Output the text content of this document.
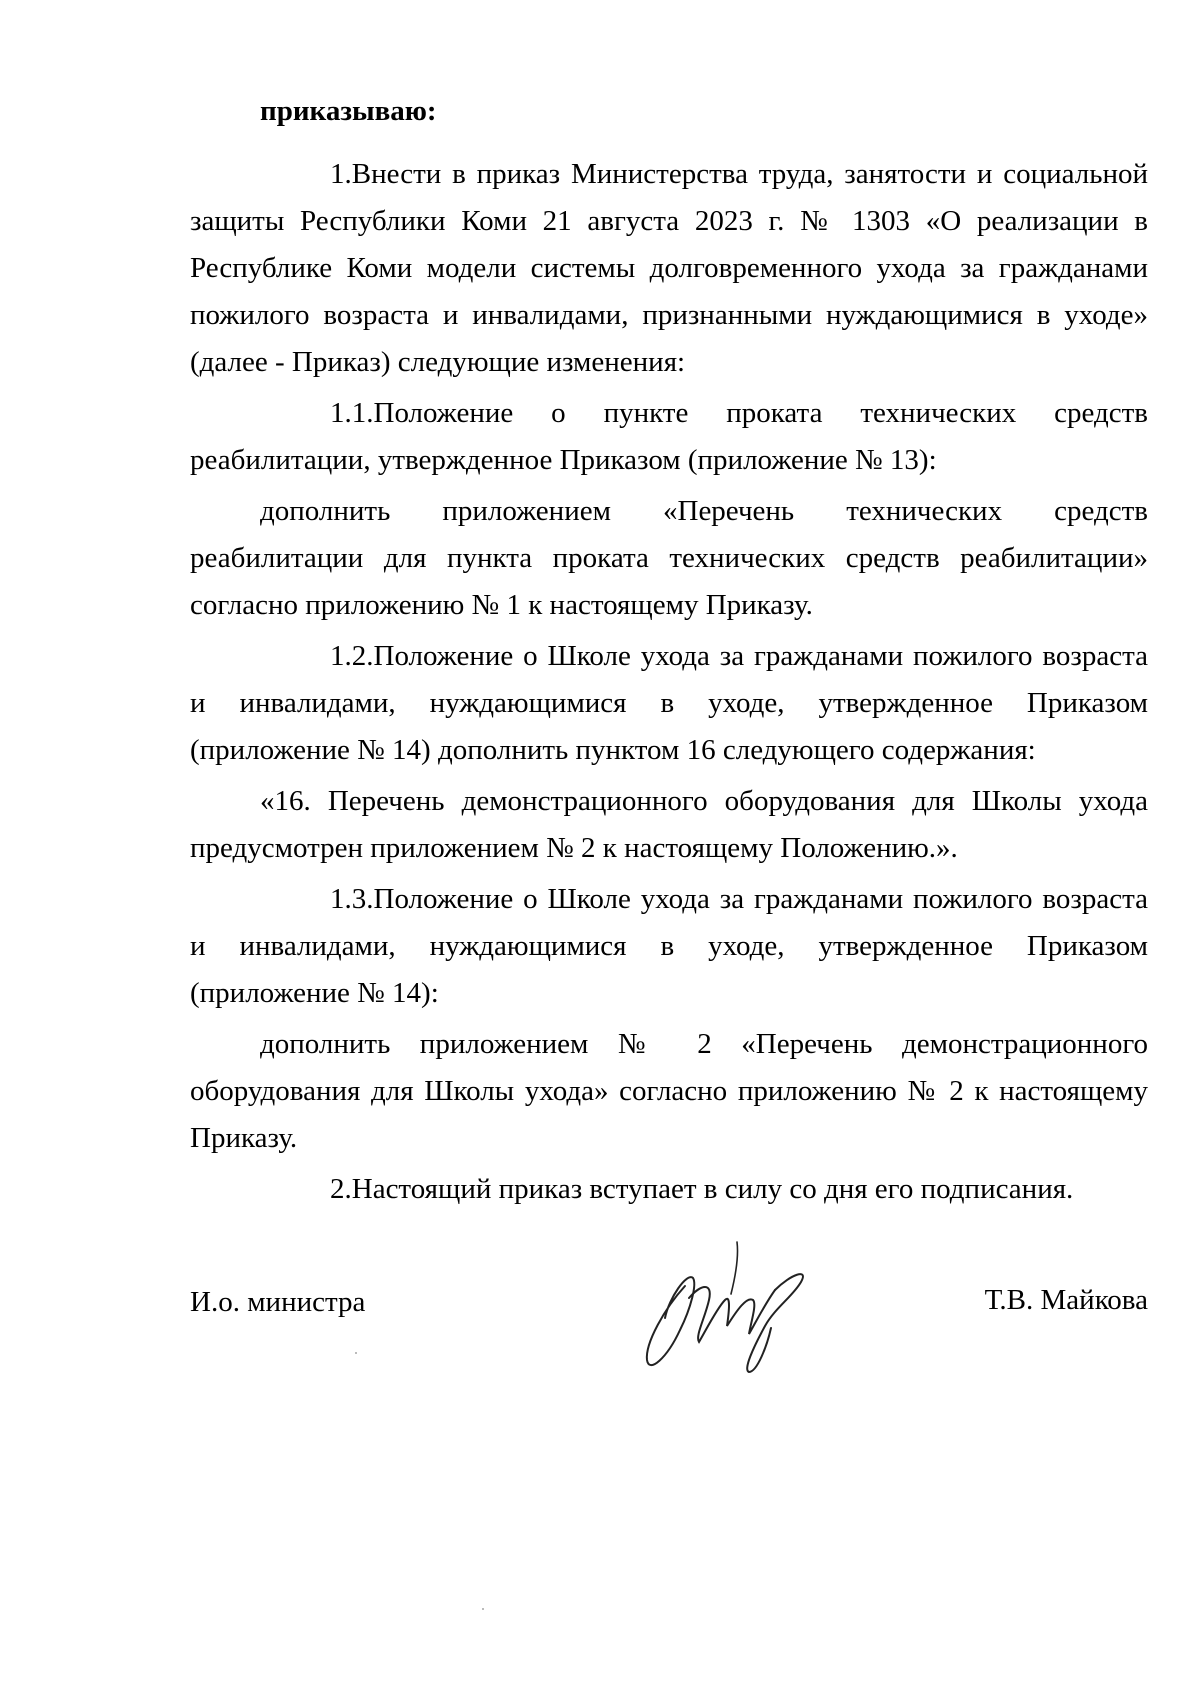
приказываю:

1.Внести в приказ Министерства труда, занятости и социальной защиты Республики Коми 21 августа 2023 г. № 1303 «О реализации в Республике Коми модели системы долговременного ухода за гражданами пожилого возраста и инвалидами, признанными нуждающимися в уходе» (далее - Приказ) следующие изменения:

1.1.Положение о пункте проката технических средств реабилитации, утвержденное Приказом (приложение № 13):

дополнить приложением «Перечень технических средств реабилитации для пункта проката технических средств реабилитации» согласно приложению № 1 к настоящему Приказу.

1.2.Положение о Школе ухода за гражданами пожилого возраста и инвалидами, нуждающимися в уходе, утвержденное Приказом (приложение № 14) дополнить пунктом 16 следующего содержания:

«16. Перечень демонстрационного оборудования для Школы ухода предусмотрен приложением № 2 к настоящему Положению.».

1.3.Положение о Школе ухода за гражданами пожилого возраста и инвалидами, нуждающимися в уходе, утвержденное Приказом (приложение № 14):

дополнить приложением № 2 «Перечень демонстрационного оборудования для Школы ухода» согласно приложению № 2 к настоящему Приказу.

2.Настоящий приказ вступает в силу со дня его подписания.

И.о. министра	Т.В. Майкова
